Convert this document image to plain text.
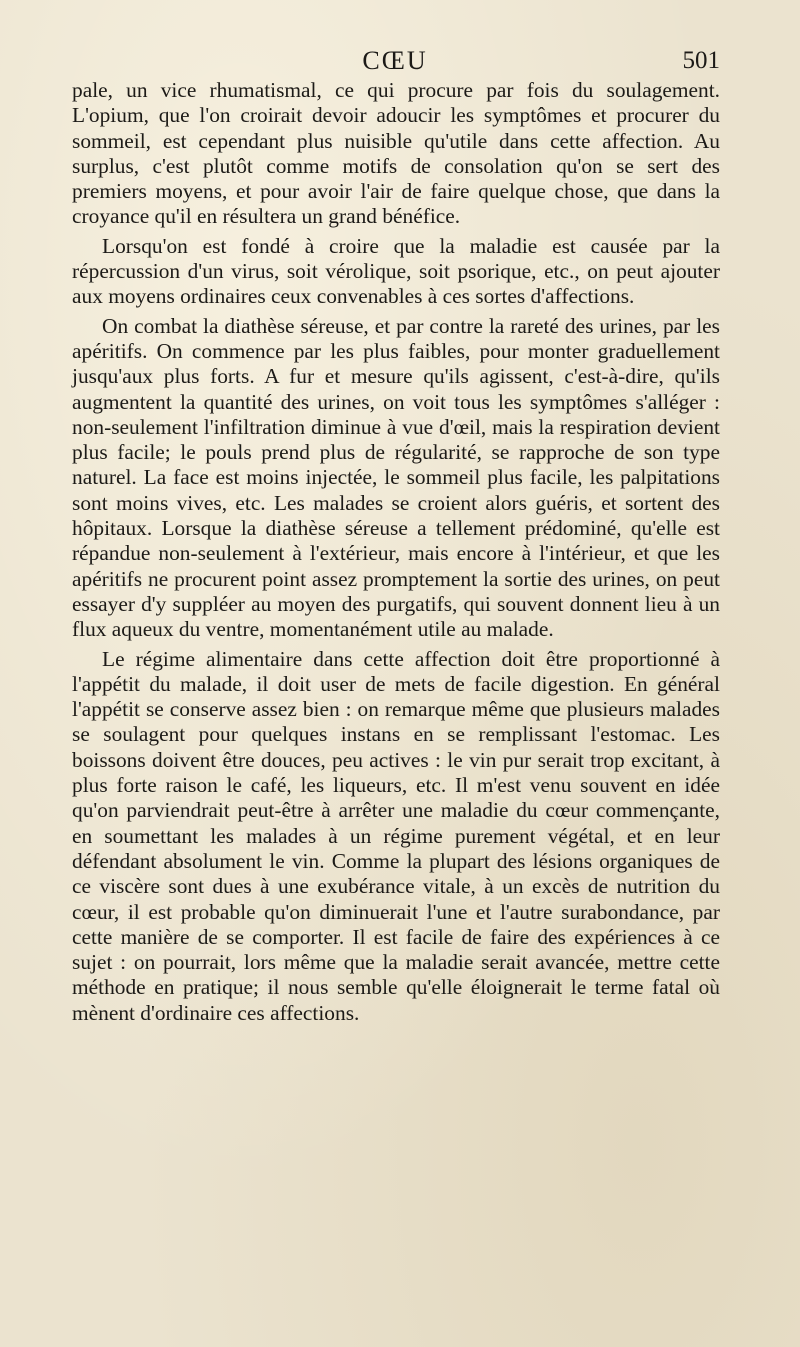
CŒU	501

pale, un vice rhumatismal, ce qui procure par fois du soulagement. L'opium, que l'on croirait devoir adoucir les symptômes et procurer du sommeil, est cependant plus nuisible qu'utile dans cette affection. Au surplus, c'est plutôt comme motifs de consolation qu'on se sert des premiers moyens, et pour avoir l'air de faire quelque chose, que dans la croyance qu'il en résultera un grand bénéfice.

Lorsqu'on est fondé à croire que la maladie est causée par la répercussion d'un virus, soit vérolique, soit psorique, etc., on peut ajouter aux moyens ordinaires ceux convenables à ces sortes d'affections.

On combat la diathèse séreuse, et par contre la rareté des urines, par les apéritifs. On commence par les plus faibles, pour monter graduellement jusqu'aux plus forts. A fur et mesure qu'ils agissent, c'est-à-dire, qu'ils augmentent la quantité des urines, on voit tous les symptômes s'alléger : non-seulement l'infiltration diminue à vue d'œil, mais la respiration devient plus facile; le pouls prend plus de régularité, se rapproche de son type naturel. La face est moins injectée, le sommeil plus facile, les palpitations sont moins vives, etc. Les malades se croient alors guéris, et sortent des hôpitaux. Lorsque la diathèse séreuse a tellement prédominé, qu'elle est répandue non-seulement à l'extérieur, mais encore à l'intérieur, et que les apéritifs ne procurent point assez promptement la sortie des urines, on peut essayer d'y suppléer au moyen des purgatifs, qui souvent donnent lieu à un flux aqueux du ventre, momentanément utile au malade.

Le régime alimentaire dans cette affection doit être proportionné à l'appétit du malade, il doit user de mets de facile digestion. En général l'appétit se conserve assez bien : on remarque même que plusieurs malades se soulagent pour quelques instans en se remplissant l'estomac. Les boissons doivent être douces, peu actives : le vin pur serait trop excitant, à plus forte raison le café, les liqueurs, etc. Il m'est venu souvent en idée qu'on parviendrait peut-être à arrêter une maladie du cœur commençante, en soumettant les malades à un régime purement végétal, et en leur défendant absolument le vin. Comme la plupart des lésions organiques de ce viscère sont dues à une exubérance vitale, à un excès de nutrition du cœur, il est probable qu'on diminuerait l'une et l'autre surabondance, par cette manière de se comporter. Il est facile de faire des expériences à ce sujet : on pourrait, lors même que la maladie serait avancée, mettre cette méthode en pratique; il nous semble qu'elle éloignerait le terme fatal où mènent d'ordinaire ces affections.
